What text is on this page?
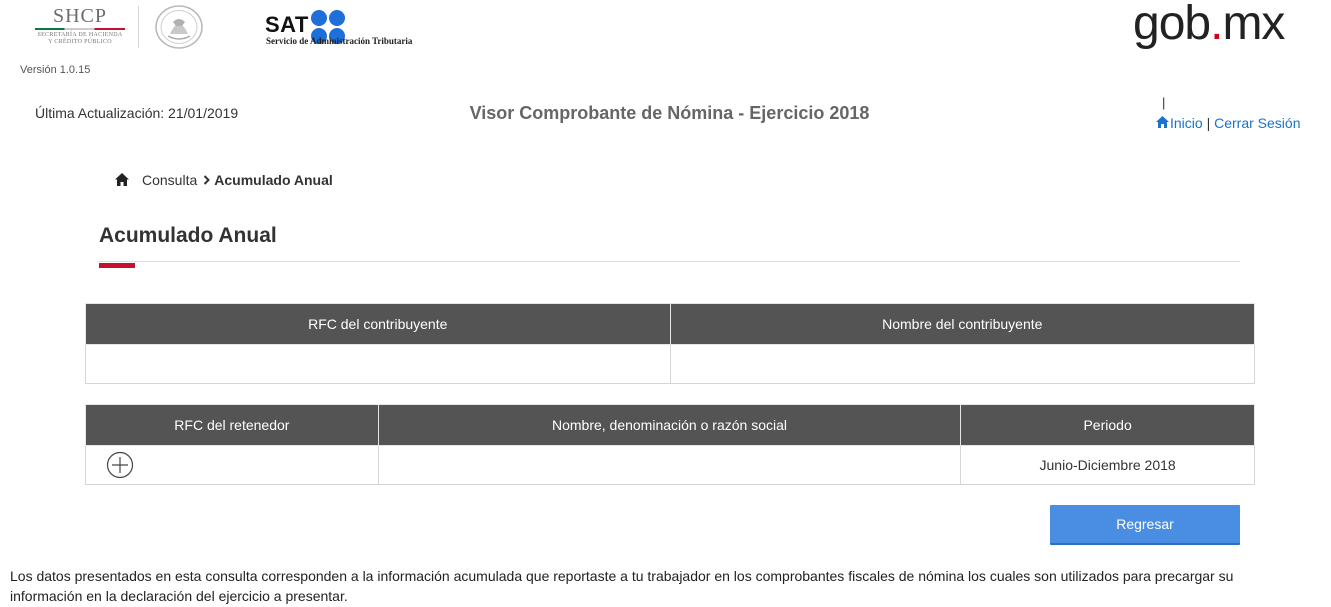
SHCP
SECRETARÍA DE HACIENDA
Y CRÉDITO PÚBLICO
SAT
Servicio de Administración Tributaria	gob.mx
Versión 1.0.15
Última Actualización: 21/01/2019	Visor Comprobante de Nómina - Ejercicio 2018
|
Inicio | Cerrar Sesión
Consulta Acumulado Anual
Acumulado Anual
RFC del contribuyente	Nombre del contribuyente

RFC del retenedor	Nombre, denominación o razón social	Periodo
		Junio-Diciembre 2018
Regresar
Los datos presentados en esta consulta corresponden a la información acumulada que reportaste a tu trabajador en los comprobantes fiscales de nómina los cuales son utilizados para precargar su información en la declaración del ejercicio a presentar.
